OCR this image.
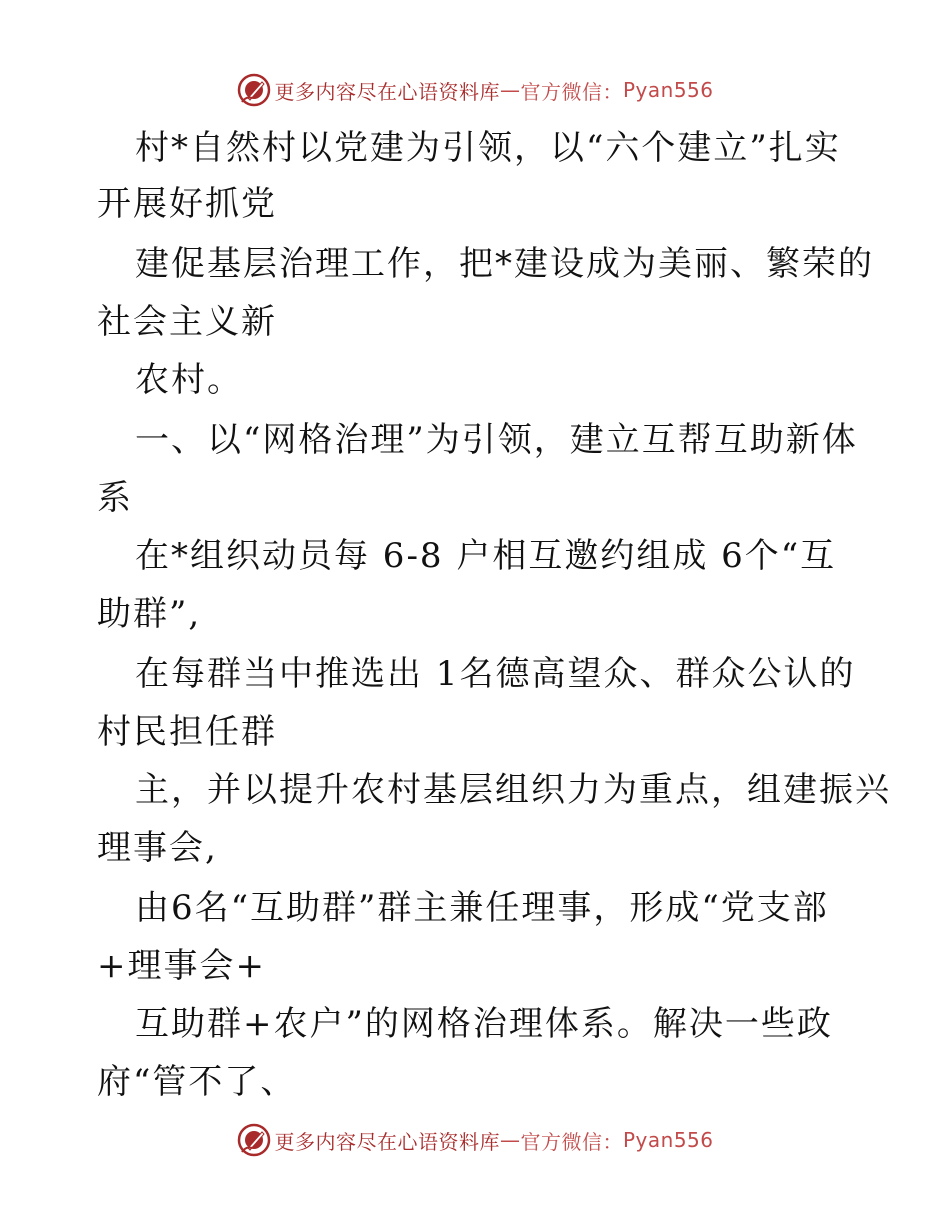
更多内容尽在心语资料库 — 官方微信： Pyan556
村*自然村以党建为引领，以“六个建立”扎实
开展好抓党
建促基层治理工作，把*建设成为美丽、繁荣的
社会主义新
农村。
一、以“网格治理”为引领，建立互帮互助新体
系
在*组织动员每 6-8 户相互邀约组成 6个“互
助群”,
在每群当中推选出 1名德高望众、群众公认的
村民担任群
主，并以提升农村基层组织力为重点，组建振兴
理事会,
由6名“互助群”群主兼任理事，形成“党支部
+理事会+
互助群+农户”的网格治理体系。解决一些政
府“管不了、
更多内容尽在心语资料库 — 官方微信： Pyan556
